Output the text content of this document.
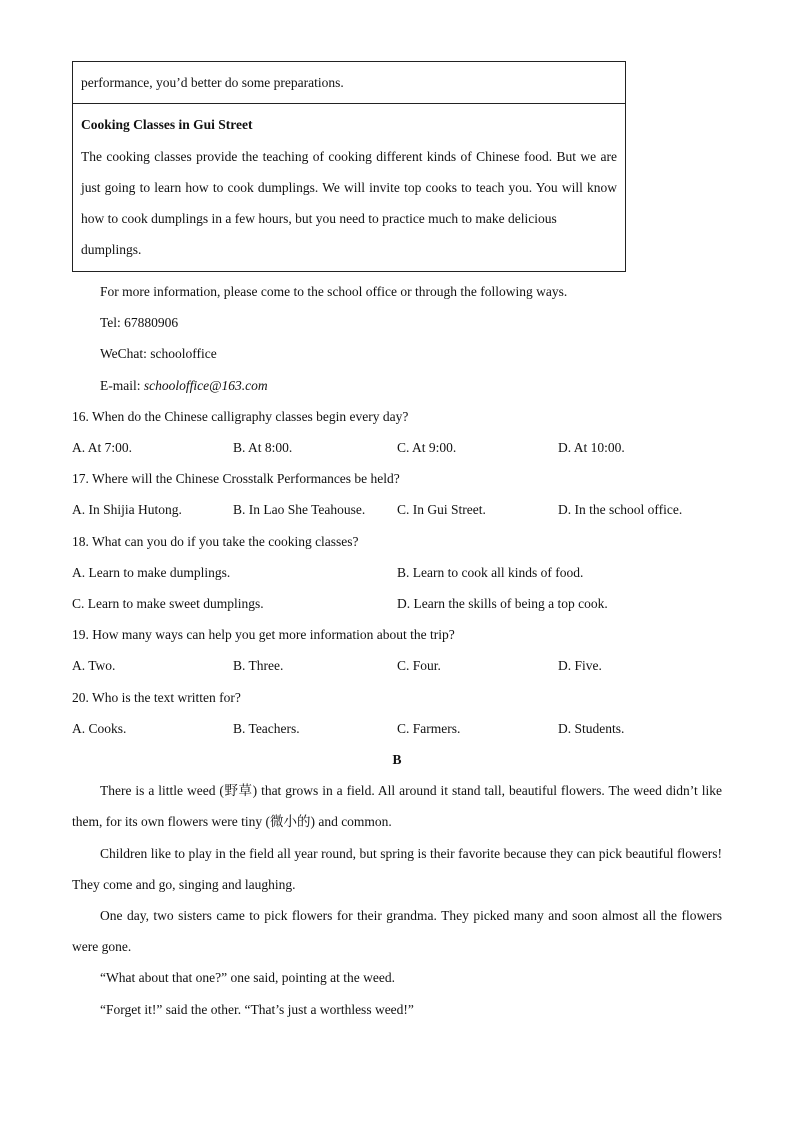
performance, you’d better do some preparations.
Cooking Classes in Gui Street
The cooking classes provide the teaching of cooking different kinds of Chinese food. But we are just going to learn how to cook dumplings. We will invite top cooks to teach you. You will know how to cook dumplings in a few hours, but you need to practice much to make delicious
dumplings.

For more information, please come to the school office or through the following ways.

Tel: 67880906

WeChat: schooloffice

E-mail: schooloffice@163.com

16. When do the Chinese calligraphy classes begin every day?

A. At 7:00.	B. At 8:00.	C. At 9:00.	D. At 10:00.

17. Where will the Chinese Crosstalk Performances be held?

A. In Shijia Hutong.	B. In Lao She Teahouse.	C. In Gui Street.	D. In the school office.

18. What can you do if you take the cooking classes?

A. Learn to make dumplings.	B. Learn to cook all kinds of food.
C. Learn to make sweet dumplings.	D. Learn the skills of being a top cook.

19. How many ways can help you get more information about the trip?

A. Two.	B. Three.	C. Four.	D. Five.

20. Who is the text written for?

A. Cooks.	B. Teachers.	C. Farmers.	D. Students.
B

There is a little weed (野草) that grows in a field. All around it stand tall, beautiful flowers. The weed didn’t like them, for its own flowers were tiny (微小的) and common.

Children like to play in the field all year round, but spring is their favorite because they can pick beautiful flowers! They come and go, singing and laughing.

One day, two sisters came to pick flowers for their grandma. They picked many and soon almost all the flowers were gone.

“What about that one?” one said, pointing at the weed.

“Forget it!” said the other. “That’s just a worthless weed!”
